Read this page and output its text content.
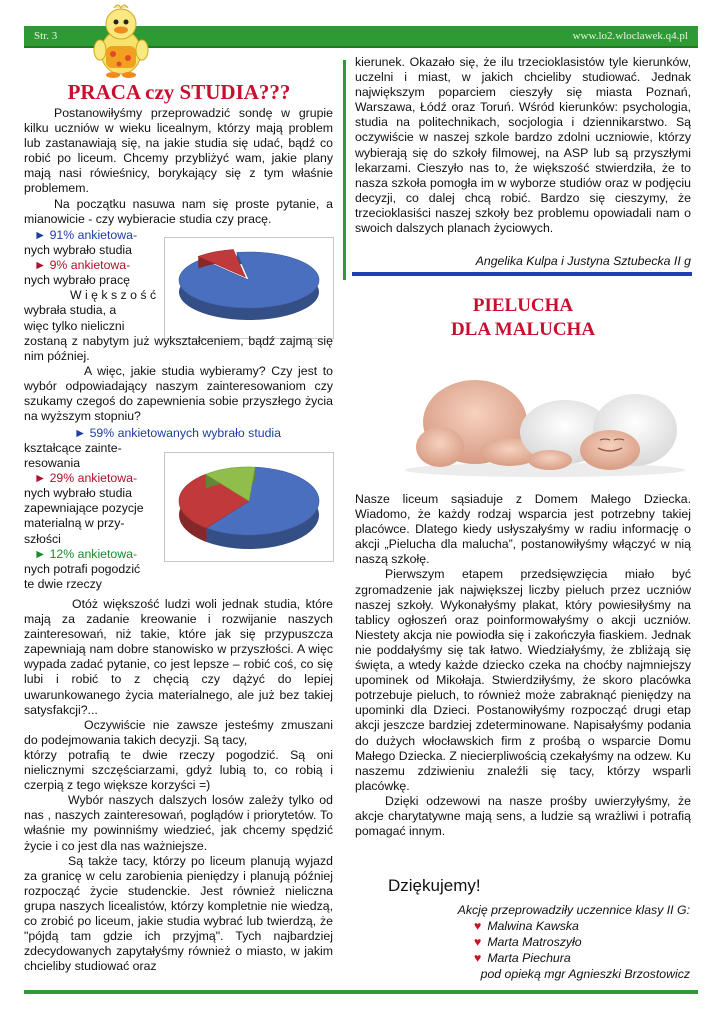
Str. 3	www.lo2.wloclawek.q4.pl
PRACA czy STUDIA???

Postanowiłyśmy przeprowadzić sondę w grupie kilku uczniów w wieku licealnym, którzy mają problem lub zastanawiają się, na jakie studia się udać, bądź co robić po liceum. Chcemy przybliżyć wam, jakie plany mają nasi rówieśnicy, borykający się z tym właśnie problemem.

Na początku nasuwa nam się proste pytanie, a mianowicie - czy wybieracie studia czy pracę.

► 91% ankietowa-
nych wybrało studia
► 9% ankietowa-
nych wybrało pracę
W i ę k s z o ś ć
wybrała studia, a
więc tylko nieliczni

zostaną z nabytym już wykształceniem, bądź zajmą się nim później.

A więc, jakie studia wybieramy? Czy jest to wybór odpowiadający naszym zainteresowaniom czy szukamy czegoś do zapewnienia sobie przyszłego życia na wyższym stopniu?

► 59% ankietowanych wybrało studia
kształcące zainte-
resowania
► 29% ankietowa-
nych wybrało studia
zapewniające pozycje
materialną w przy-
szłości
► 12% ankietowa-
nych potrafi pogodzić
te dwie rzeczy

Otóż większość ludzi woli jednak studia, które mają za zadanie kreowanie i rozwijanie naszych zainteresowań, niż takie, które jak się przypuszcza zapewniają nam dobre stanowisko w przyszłości. A więc wypada zadać pytanie, co jest lepsze – robić coś, co się lubi i robić to z chęcią czy dążyć do lepiej uwarunkowanego życia materialnego, ale już bez takiej satysfakcji?...

Oczywiście nie zawsze jesteśmy zmuszani do podejmowania takich decyzji. Są tacy,

którzy potrafią te dwie rzeczy pogodzić. Są oni nielicznymi szczęściarzami, gdyż lubią to, co robią i czerpią z tego większe korzyści =)

Wybór naszych dalszych losów zależy tylko od nas , naszych zainteresowań, poglądów i priorytetów. To właśnie my powinniśmy wiedzieć, jak chcemy spędzić życie i co jest dla nas ważniejsze.

Są także tacy, którzy po liceum planują wyjazd za granicę w celu zarobienia pieniędzy i planują później rozpocząć życie studenckie. Jest również nieliczna grupa naszych licealistów, którzy kompletnie nie wiedzą, co zrobić po liceum, jakie studia wybrać lub twierdzą, że "pójdą tam gdzie ich przyjmą". Tych najbardziej zdecydowanych zapytałyśmy również o miasto, w jakim chcieliby studiować oraz

kierunek. Okazało się, że ilu trzecioklasistów tyle kierunków, uczelni i miast, w jakich chcieliby studiować. Jednak największym poparciem cieszyły się miasta Poznań, Warszawa, Łódź oraz Toruń. Wśród kierunków: psychologia, studia na politechnikach, socjologia i dziennikarstwo. Są oczywiście w naszej szkole bardzo zdolni uczniowie, którzy wybierają się do szkoły filmowej, na ASP lub są przyszłymi lekarzami. Cieszyło nas to, że większość stwierdziła, że to nasza szkoła pomogła im w wyborze studiów oraz w podjęciu decyzji, co dalej chcą robić. Bardzo się cieszymy, że trzecioklasiści naszej szkoły bez problemu opowiadali nam o swoich dalszych planach życiowych.

Angelika Kulpa i Justyna Sztubecka II g
PIELUCHA
DLA MALUCHA

Nasze liceum sąsiaduje z Domem Małego Dziecka. Wiadomo, że każdy rodzaj wsparcia jest potrzebny takiej placówce. Dlatego kiedy usłyszałyśmy w radiu informację o akcji „Pielucha dla malucha”, postanowiłyśmy włączyć w nią naszą szkołę.

Pierwszym etapem przedsięwzięcia miało być zgromadzenie jak największej liczby pieluch przez uczniów naszej szkoły. Wykonałyśmy plakat, który powiesiłyśmy na tablicy ogłoszeń oraz poinformowałyśmy o akcji uczniów. Niestety akcja nie powiodła się i zakończyła fiaskiem. Jednak nie poddałyśmy się tak łatwo. Wiedziałyśmy, że zbliżają się święta, a wtedy każde dziecko czeka na choćby najmniejszy upominek od Mikołaja. Stwierdziłyśmy, że skoro placówka potrzebuje pieluch, to również może zabraknąć pieniędzy na upominki dla Dzieci. Postanowiłyśmy rozpocząć drugi etap akcji jeszcze bardziej zdeterminowane. Napisałyśmy podania do dużych włocławskich firm z prośbą o wsparcie Domu Małego Dziecka. Z niecierpliwością czekałyśmy na odzew. Ku naszemu zdziwieniu znaleźli się tacy, którzy wsparli placówkę.

Dzięki odzewowi na nasze prośby uwierzyłyśmy, że akcje charytatywne mają sens, a ludzie są wrażliwi i potrafią pomagać innym.

Dziękujemy!
Akcję przeprowadziły uczennice klasy II G:
♥ Malwina Kawska
♥ Marta Matroszyło
♥ Marta Piechura
pod opieką mgr Agnieszki Brzostowicz
